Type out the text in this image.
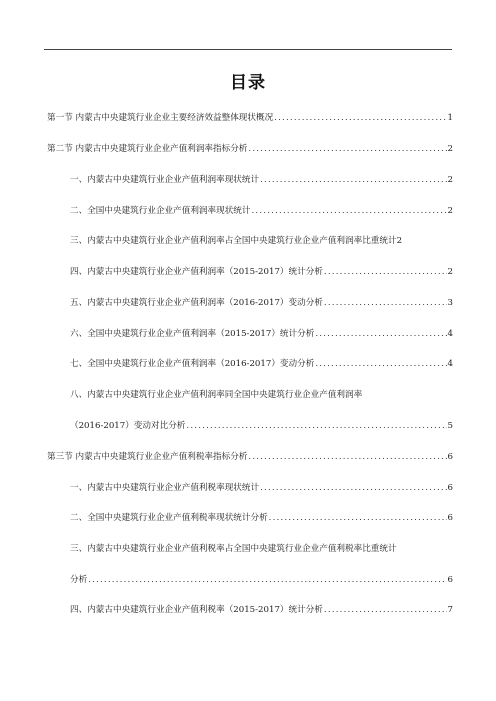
目录
第一节 内蒙古中央建筑行业企业主要经济效益整体现状概况 .....	1
第二节 内蒙古中央建筑行业企业产值利润率指标分析 .....	2
一、内蒙古中央建筑行业企业产值利润率现状统计 .....	2
二、全国中央建筑行业企业产值利润率现状统计 .....	2
三、内蒙古中央建筑行业企业产值利润率占全国中央建筑行业企业产值利润率比重统计2
四、内蒙古中央建筑行业企业产值利润率（2015-2017）统计分析 .....	2
五、内蒙古中央建筑行业企业产值利润率（2016-2017）变动分析 .....	3
六、全国中央建筑行业企业产值利润率（2015-2017）统计分析 .....	4
七、全国中央建筑行业企业产值利润率（2016-2017）变动分析 .....	4
八、内蒙古中央建筑行业企业产值利润率同全国中央建筑行业企业产值利润率
（2016-2017）变动对比分析 .....	5
第三节 内蒙古中央建筑行业企业产值利税率指标分析 .....	6
一、内蒙古中央建筑行业企业产值利税率现状统计 .....	6
二、全国中央建筑行业企业产值利税率现状统计分析 .....	6
三、内蒙古中央建筑行业企业产值利税率占全国中央建筑行业企业产值利税率比重统计
分析 .....	6
四、内蒙古中央建筑行业企业产值利税率（2015-2017）统计分析 .....	7
